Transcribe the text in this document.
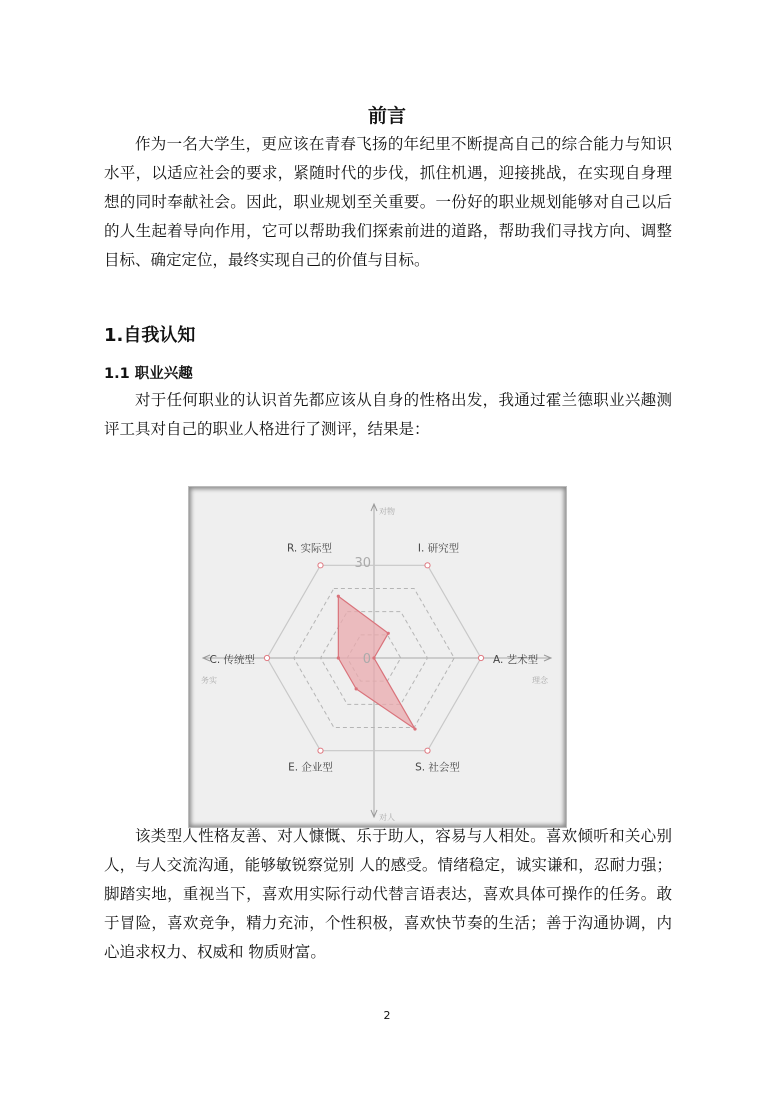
前言

作为一名大学生，更应该在青春飞扬的年纪里不断提高自己的综合能力与知识水平，以适应社会的要求，紧随时代的步伐，抓住机遇，迎接挑战，在实现自身理想的同时奉献社会。因此，职业规划至关重要。一份好的职业规划能够对自己以后的人生起着导向作用，它可以帮助我们探索前进的道路，帮助我们寻找方向、调整目标、确定定位，最终实现自己的价值与目标。

1.自我认知
1.1 职业兴趣

对于任何职业的认识首先都应该从自身的性格出发，我通过霍兰德职业兴趣测评工具对自己的职业人格进行了测评，结果是：

R. 实际型	I. 研究型
A. 艺术型
S. 社会型
E. 企业型
C. 传统型
30
0
对物
对人
务实	理念

该类型人性格友善、对人慷慨、乐于助人，容易与人相处。喜欢倾听和关心别人，与人交流沟通，能够敏锐察觉别 人的感受。情绪稳定，诚实谦和，忍耐力强；脚踏实地，重视当下，喜欢用实际行动代替言语表达，喜欢具体可操作的任务。敢于冒险，喜欢竞争，精力充沛，个性积极，喜欢快节奏的生活；善于沟通协调，内心追求权力、权威和 物质财富。

2
